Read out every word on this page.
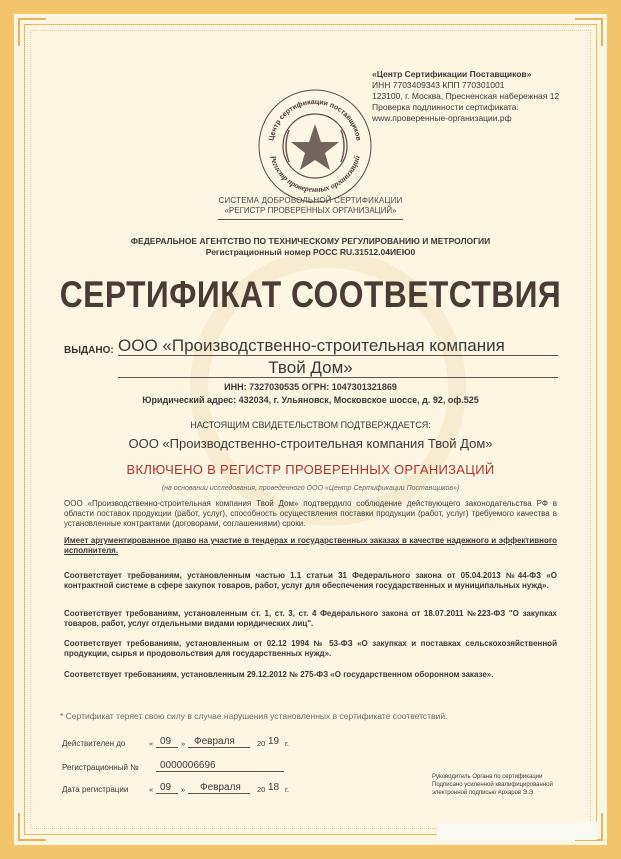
«Центр Сертификации Поставщиков»
ИНН 7703409343 КПП 770301001
123100, г. Москва, Пресненская набережная 12
Проверка подлинности сертификата:
www.проверенные-организации.рф
Центр сертификации поставщиков
Регистр проверенных организаций
СИСТЕМА ДОБРОВОЛЬНОЙ СЕРТИФИКАЦИИ
«РЕГИСТР ПРОВЕРЕННЫХ ОРГАНИЗАЦИЙ»
ФЕДЕРАЛЬНОЕ АГЕНТСТВО ПО ТЕХНИЧЕСКОМУ РЕГУЛИРОВАНИЮ И МЕТРОЛОГИИ
Регистрационный номер РОСС RU.31512.04ИЕЮ0
СЕРТИФИКАТ СООТВЕТСТВИЯ
ВЫДАНО: ООО «Производственно-строительная компания
Твой Дом»
ИНН: 7327030535 ОГРН: 1047301321869
Юридический адрес: 432034, г. Ульяновск, Московское шоссе, д. 92, оф.525
НАСТОЯЩИМ СВИДЕТЕЛЬСТВОМ ПОДТВЕРЖДАЕТСЯ:
ООО «Производственно-строительная компания Твой Дом»
ВКЛЮЧЕНО В РЕГИСТР ПРОВЕРЕННЫХ ОРГАНИЗАЦИЙ
(на основании исследования, проведенного ООО «Центр Сертификации Поставщиков»)
ООО «Производственно-строительная компания Твой Дом» подтвердило соблюдение действующего законодательства РФ в области поставок продукции (работ, услуг), способность осуществления поставки продукции (работ, услуг) требуемого качества в установленные контрактами (договорами, соглашениями) сроки.
Имеет аргументированное право на участие в тендерах и государственных заказах в качестве надежного и эффективного исполнителя.
Соответствует требованиям, установленным частью 1.1 статьи 31 Федерального закона от 05.04.2013 №44-ФЗ «О контрактной системе в сфере закупок товаров, работ, услуг для обеспечения государственных и муниципальных нужд».
Соответствует требованиям, установленным ст. 1, ст. 3, ст. 4 Федерального закона от 18.07.2011 №223-ФЗ "О закупках товаров, работ, услуг отдельными видами юридических лиц".
Соответствует требованиям, установленным от 02.12 1994 № 53-ФЗ «О закупках и поставках сельскохозяйственной продукции, сырья и продовольствия для государственных нужд».
Соответствует требованиям, установленным 29.12.2012 № 275-ФЗ «О государственном оборонном заказе».
* Сертификат теряет свою силу в случае нарушения установленных в сертификате соответствий.
Действителен до	« 09 » Февраля	20 19 г.
Регистрационный № 0000006696
Дата регистрации	« 09 » Февраля 20 18 г.
Руководитель Органа по сертификации
Подписано усиленной квалифицированной
электронной подписью Архаров Э.Э.
